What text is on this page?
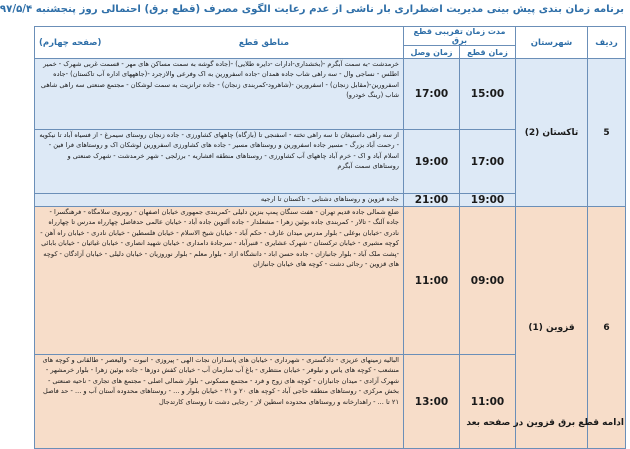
برنامه زمان بندی پیش بینی مدیریت اضطراری بار ناشی از عدم رعایت الگوی مصرف (قطع برق) احتمالی روز پنجشنبه ۹۷/۵/۴
ردیف	شهرستان	مدت زمان تقریبی قطع برق		مناطق قطع
(صفحه چهارم)

		زمان قطع	زمان وصل	
5	تاکستان (2)	15:00	17:00	خرمدشت -به سمت آبگرم -(بخشداری-ادارات -دایره طلایی) -(جاده گوشه به سمت مساکن های مهر - قسمت غربی شهرک - خمیر اطلس - نساجی وال - سه راهی شاب جاده همدان -جاده اسفرورین به اک وفرعی والازجرد -(جاهههای اداره آب تاکستان) -جاده اسفرورین-(مقابل زنجان) - اسفرورین -(شاهرود-کمربندی زنجان) - جاده ترانزیت به سمت لوشکان - مجتمع صنعتی سه راهی شاهی شاب (رینگ خودرو)
		17:00	19:00	از سه راهی داستیغان تا سه راهی تخته - اسفنجی تا (بازگاه) چاههای کشاورزی - جاده زنجان روستای سیمرغ - از فسیاه آباد تا نیکویه - رحمت آباد بزرگ - مسیر جاده اسفرورین و روستاهای مسیر - جاده های کشاورزی اسفرورین لوشکان اک و روستاهای فرا فین - اسلام آباد و اک - خرم آباد چاههای آب کشاورزی - روستاهای منطقه افشاریه - برزلجی - شهر خرمدشت - شهرک صنعتی و روستاهای سمت آبگرم
		19:00	21:00	جاده قزوین و روستاهای دشتابی - تاکستان تا ارجیه
6	قزوین (1)	09:00	11:00	ضلع شمالی جاده قدیم تهران - هفت سنگان پمپ بنزین دلیلی -کمربندی جمهوری خیابان اصفهان - روبروی سلامگاه - فرهنگسرا - جاده آلنگ - تالار - کمربندی جاده بوئین زهرا - مشعلدار - جاده آلتوین جاده آباد - خیابان عالمی حدفاصل چهارراه مدرس تا چهارراه نادری -خیابان بوعلی - بلوار مدرس میدان عارف - حکم آباد - خیابان شیخ الاسلام - خیابان فلسطین - خیابان نادری - خیابان راه آهن - کوچه مشیری - خیابان ترکستان - شهرک عشایری - قنبرآباد - سرجادة دامداری - خیابان شهید انصاری - خیابان غیاثیان - خیابان بابائی -پشت ملک آباد - بلوار جانبازان - جاده حسن اباد - دانشگاه ازاد - بلوار معلم - بلوار نوروزیان - خیابان دلیلی - خیابان آزادگان - کوچه های قزوین - رجائی دشت - کوچه های خیابان جانبازان
		11:00	13:00	البالیه زمینهای عزیزی - دادگستری - شهرداری - خیابان های پاسداران نجات الهی - پیروزی - انبوت - والیعصر - طالقانی و کوچه های منشعب - کوچه های یاس و نیلوفر - خیابان منتظری - باغ آب سازمان آب - خیابان کفش دوزها - جاده بوئین زهرا - بلوار خرمشهر - شهرک آزادی - میدان جانبازان - کوچه های زوج و فرد - مجتمع مسکونی - بلوار شمالی اصلی - مجتمع های تجاری - ناحیه صنعتی - بخش مرکزی - روستاهای منطقه حاجی آباد - کوچه های ۲۰ و ۲۱ - خیابان بلوار و ... - روستاهای محدوده آستان آب و ... - حد فاصل ۲۱ تا ... - راهدارخانه و روستاهای محدوده اسطین لار - رجایی دشت تا روستای کارتدجال
ادامه قطع برق قزوین در صفحه بعد
